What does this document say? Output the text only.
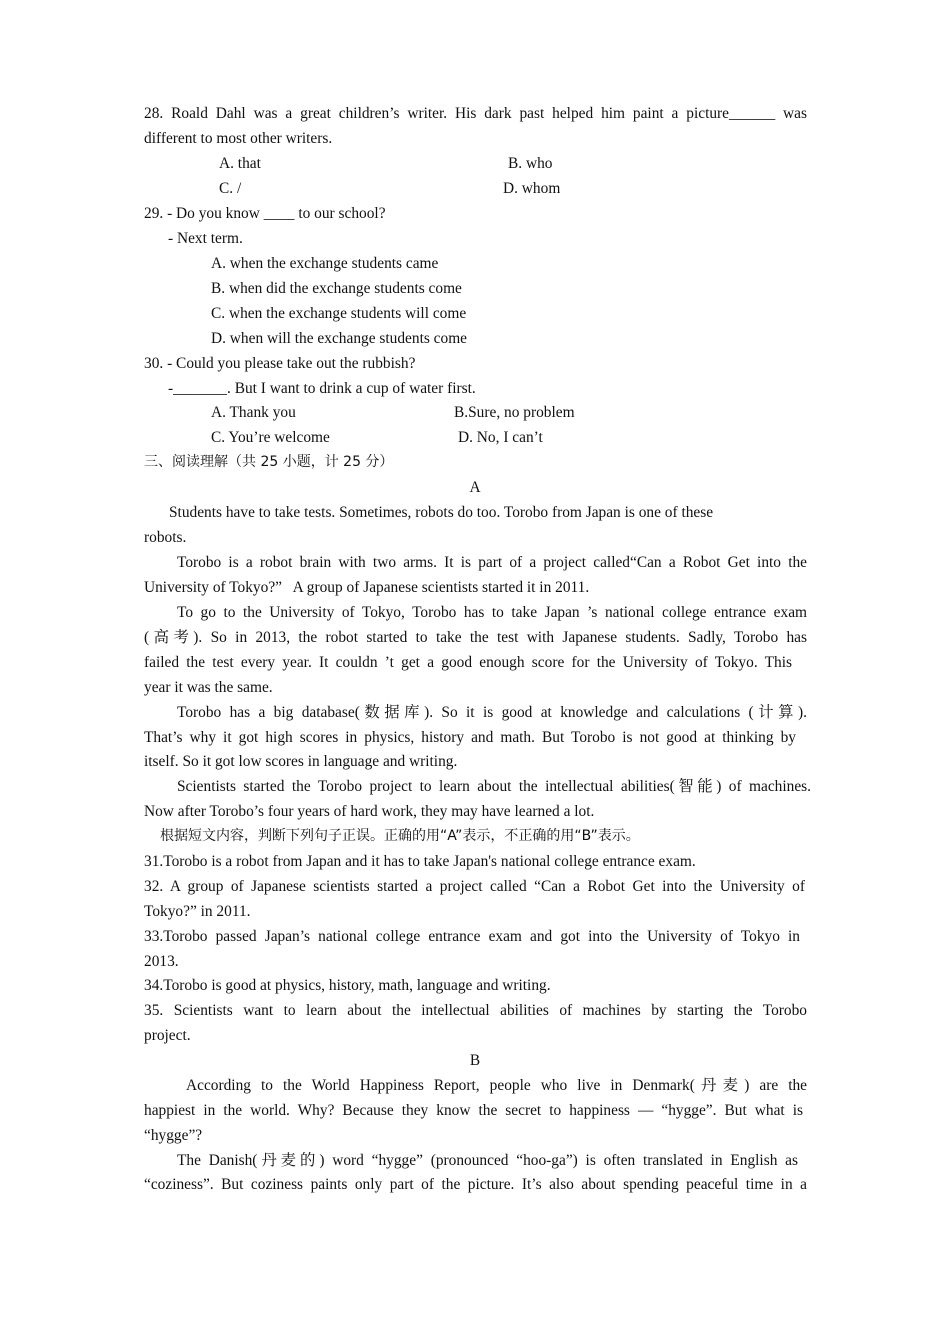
28. Roald Dahl was a great children’s writer. His dark past helped him paint a picture______ was
different to most other writers.
A. that	B. who
C. /	D. whom
29. - Do you know ____ to our school?
- Next term.
A. when the exchange students came
B. when did the exchange students come
C. when the exchange students will come
D. when will the exchange students come
30. - Could you please take out the rubbish?
-_______. But I want to drink a cup of water first.
A. Thank you	B.Sure, no problem
C. You’re welcome	D. No, I can’t
三、阅读理解（共 25 小题，计 25 分）
A
Students have to take tests. Sometimes, robots do too. Torobo from Japan is one of these
robots.
Torobo is a robot brain with two arms. It is part of a project called“Can a Robot Get into the
University of Tokyo?”   A group of Japanese scientists started it in 2011.
To go to the University of Tokyo, Torobo has to take Japan ’s national college entrance exam
(高考). So in 2013, the robot started to take the test with Japanese students. Sadly, Torobo has
failed the test every year. It couldn ’t get a good enough score for the University of Tokyo. This
year it was the same.
Torobo has a big database(数据库). So it is good at knowledge and calculations (计算).
That’s why it got high scores in physics, history and math. But Torobo is not good at thinking by
itself. So it got low scores in language and writing.
Scientists started the Torobo project to learn about the intellectual abilities(智能) of machines.
Now after Torobo’s four years of hard work, they may have learned a lot.
根据短文内容，判断下列句子正误。正确的用“A”表示，不正确的用“B”表示。
31.Torobo is a robot from Japan and it has to take Japan's national college entrance exam.
32. A group of Japanese scientists started a project called “Can a Robot Get into the University of
Tokyo?” in 2011.
33.Torobo passed Japan’s national college entrance exam and got into the University of Tokyo in
2013.
34.Torobo is good at physics, history, math, language and writing.
35. Scientists want to learn about the intellectual abilities of machines by starting the Torobo
project.
B
According to the World Happiness Report, people who live in Denmark(丹麦) are the
happiest in the world. Why? Because they know the secret to happiness — “hygge”. But what is
“hygge”?
The Danish(丹麦的) word “hygge” (pronounced “hoo-ga”) is often translated in English as
“coziness”. But coziness paints only part of the picture. It’s also about spending peaceful time in a
